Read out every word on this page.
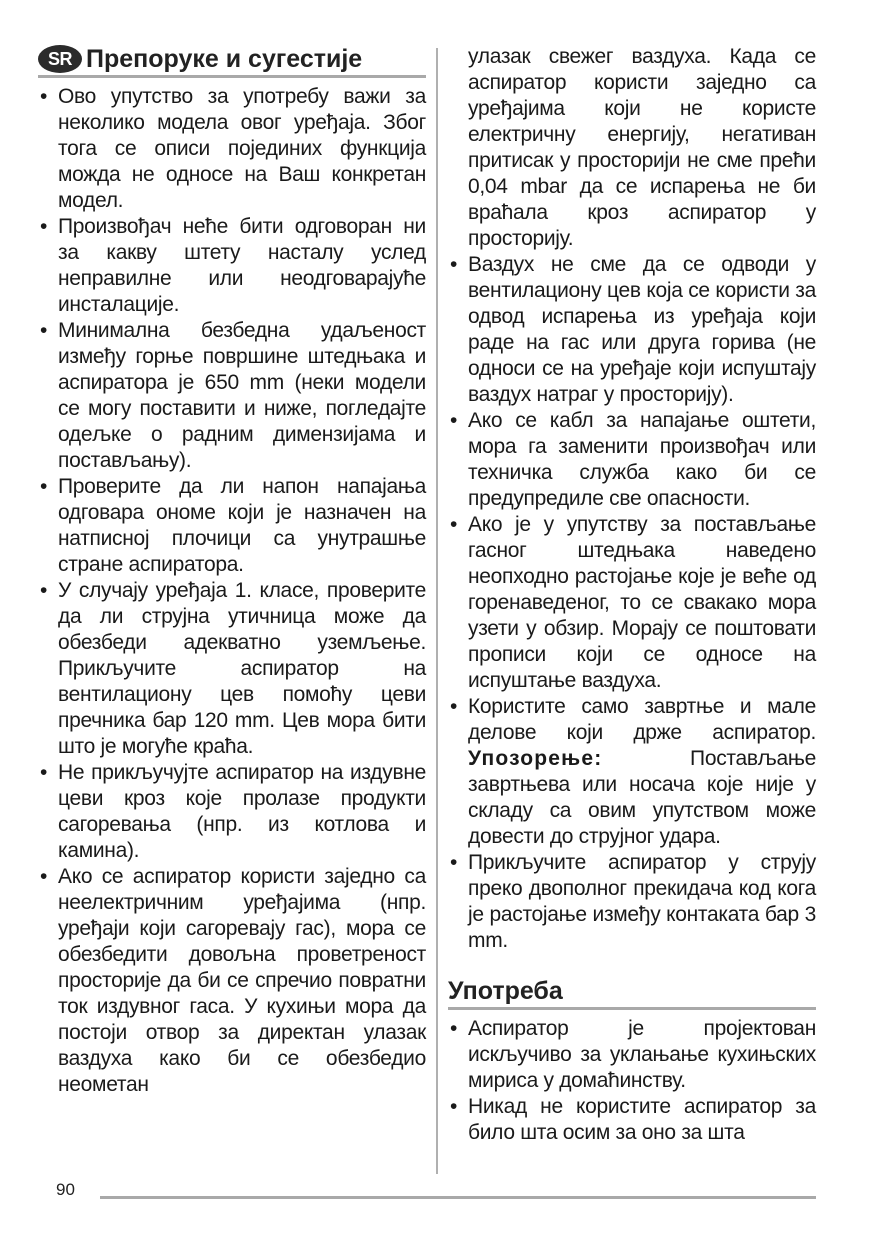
SR Препоруке и сугестије
• Ово упутство за употребу важи за неколико модела овог уређаја. Због тога се описи појединих функција можда не односе на Ваш конкретан модел.
• Произвођач неће бити одговоран ни за какву штету насталу услед неправилне или неодговарајуће инсталације.
• Минимална безбедна удаљеност између горње површине штедњака и аспиратора је 650 mm (неки модели се могу поставити и ниже, погледајте одељке о радним димензијама и постављању).
• Проверите да ли напон напајања одговара ономе који је назначен на натписној плочици са унутрашње стране аспиратора.
• У случају уређаја 1. класе, проверите да ли струјна утичница може да обезбеди адекватно уземљење. Прикључите аспиратор на вентилациону цев помоћу цеви пречника бар 120 mm. Цев мора бити што је могуће краћа.
• Не прикључујте аспиратор на издувне цеви кроз које пролазе продукти сагоревања (нпр. из котлова и камина).
• Ако се аспиратор користи заједно са неелектричним уређајима (нпр. уређаји који сагоревају гас), мора се обезбедити довољна проветреност просторије да би се спречио повратни ток издувног гаса. У кухињи мора да постоји отвор за директан улазак ваздуха како би се обезбедио неометан
улазак свежег ваздуха. Када се аспиратор користи заједно са уређајима који не користе електричну енергију, негативан притисак у просторији не сме прећи 0,04 mbar да се испарења не би враћала кроз аспиратор у просторију.
• Ваздух не сме да се одводи у вентилациону цев која се користи за одвод испарења из уређаја који раде на гас или друга горива (не односи се на уређаје који испуштају ваздух натраг у просторију).
• Ако се кабл за напајање оштети, мора га заменити произвођач или техничка служба како би се предупредиле све опасности.
• Ако је у упутству за постављање гасног штедњака наведено неопходно растојање које је веће од горенаведеног, то се свакако мора узети у обзир. Морају се поштовати прописи који се односе на испуштање ваздуха.
• Користите само завртње и мале делове који држе аспиратор. Упозорење:	Постављање завртњева или носача које није у складу са овим упутством може довести до струјног удара.
• Прикључите аспиратор у струју преко двополног прекидача код кога је растојање између контаката бар 3 mm.
Употреба
• Аспиратор је пројектован искључиво за уклањање кухињских мириса у домаћинству.
• Никад не користите аспиратор за било шта осим за оно за шта
90
